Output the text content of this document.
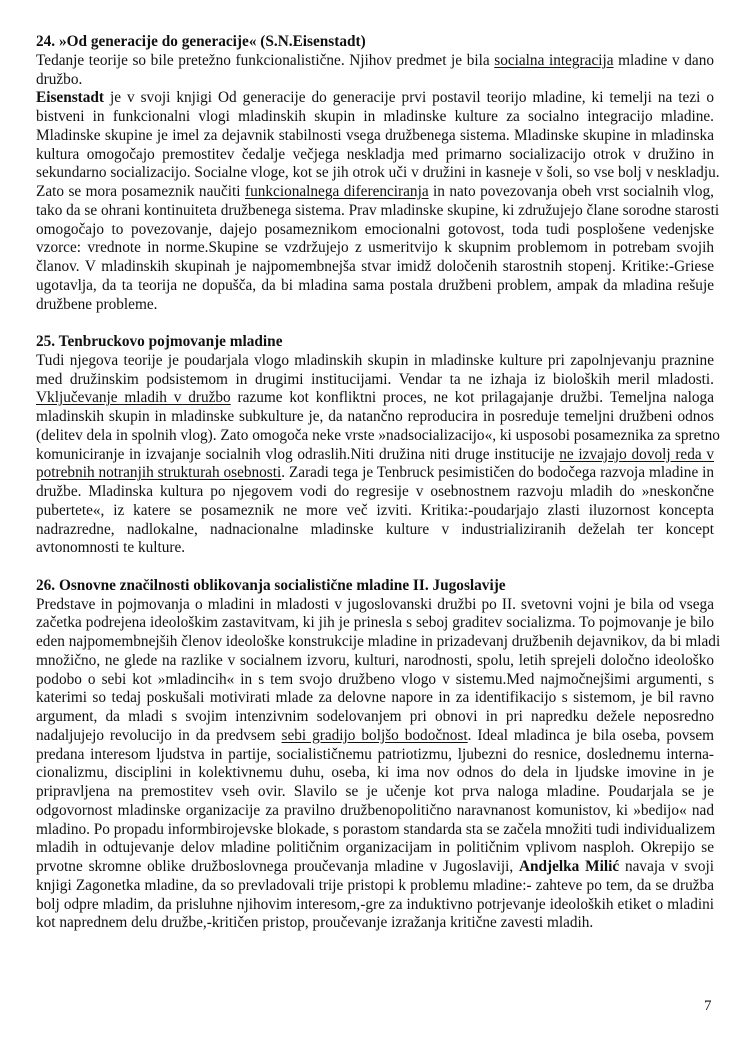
24. »Od generacije do generacije« (S.N.Eisenstadt)
Tedanje teorije so bile pretežno funkcionalistične. Njihov predmet je bila socialna integracija mladine v dano
družbo.
Eisenstadt je v svoji knjigi Od generacije do generacije prvi postavil teorijo mladine, ki temelji na tezi o
bistveni in funkcionalni vlogi mladinskih skupin in mladinske kulture za socialno integracijo mladine.
Mladinske skupine je imel za dejavnik stabilnosti vsega družbenega sistema. Mladinske skupine in mladinska
kultura omogočajo premostitev čedalje večjega neskladja med primarno socializacijo otrok v družino in
sekundarno socializacijo. Socialne vloge, kot se jih otrok uči v družini in kasneje v šoli, so vse bolj v neskladju.
Zato se mora posameznik naučiti funkcionalnega diferenciranja in nato povezovanja obeh vrst socialnih vlog,
tako da se ohrani kontinuiteta družbenega sistema. Prav mladinske skupine, ki združujejo člane sorodne starosti
omogočajo to povezovanje, dajejo posameznikom emocionalni gotovost, toda tudi posplošene vedenjske
vzorce: vrednote in norme.Skupine se vzdržujejo z usmeritvijo k skupnim problemom in potrebam svojih
članov. V mladinskih skupinah je najpomembnejša stvar imidž določenih starostnih stopenj. Kritike:-Griese
ugotavlja, da ta teorija ne dopušča, da bi mladina sama postala družbeni problem, ampak da mladina rešuje
družbene probleme.
25. Tenbruckovo pojmovanje mladine
Tudi njegova teorije je poudarjala vlogo mladinskih skupin in mladinske kulture pri zapolnjevanju praznine
med družinskim podsistemom in drugimi institucijami. Vendar ta ne izhaja iz bioloških meril mladosti.
Vključevanje mladih v družbo razume kot konfliktni proces, ne kot prilagajanje družbi. Temeljna naloga
mladinskih skupin in mladinske subkulture je, da natančno reproducira in posreduje temeljni družbeni odnos
(delitev dela in spolnih vlog). Zato omogoča neke vrste »nadsocializacijo«, ki usposobi posameznika za spretno
komuniciranje in izvajanje socialnih vlog odraslih.Niti družina niti druge institucije ne izvajajo dovolj reda v
potrebnih notranjih strukturah osebnosti. Zaradi tega je Tenbruck pesimističen do bodočega razvoja mladine in
družbe. Mladinska kultura po njegovem vodi do regresije v osebnostnem razvoju mladih do »neskončne
pubertete«, iz katere se posameznik ne more več izviti. Kritika:-poudarjajo zlasti iluzornost koncepta
nadrazredne, nadlokalne, nadnacionalne mladinske kulture v industrializiranih deželah ter koncept
avtonomnosti te kulture.
26. Osnovne značilnosti oblikovanja socialistične mladine II. Jugoslavije
Predstave in pojmovanja o mladini in mladosti v jugoslovanski družbi po II. svetovni vojni je bila od vsega
začetka podrejena ideološkim zastavitvam, ki jih je prinesla s seboj graditev socializma. To pojmovanje je bilo
eden najpomembnejših členov ideološke konstrukcije mladine in prizadevanj družbenih dejavnikov, da bi mladi
množično, ne glede na razlike v socialnem izvoru, kulturi, narodnosti, spolu, letih sprejeli določno ideološko
podobo o sebi kot »mladincih« in s tem svojo družbeno vlogo v sistemu.Med najmočnejšimi argumenti, s
katerimi so tedaj poskušali motivirati mlade za delovne napore in za identifikacijo s sistemom, je bil ravno
argument, da mladi s svojim intenzivnim sodelovanjem pri obnovi in pri napredku dežele neposredno
nadaljujejo revolucijo in da predvsem sebi gradijo boljšo bodočnost. Ideal mladinca je bila oseba, povsem
predana interesom ljudstva in partije, socialističnemu patriotizmu, ljubezni do resnice, doslednemu interna-
cionalizmu, disciplini in kolektivnemu duhu, oseba, ki ima nov odnos do dela in ljudske imovine in je
pripravljena na premostitev vseh ovir. Slavilo se je učenje kot prva naloga mladine. Poudarjala se je
odgovornost mladinske organizacije za pravilno družbenopolitično naravnanost komunistov, ki »bedijo« nad
mladino. Po propadu informbirojevske blokade, s porastom standarda sta se začela množiti tudi individualizem
mladih in odtujevanje delov mladine političnim organizacijam in političnim vplivom nasploh. Okrepijo se
prvotne skromne oblike družboslovnega proučevanja mladine v Jugoslaviji, Andjelka Milić navaja v svoji
knjigi Zagonetka mladine, da so prevladovali trije pristopi k problemu mladine:- zahteve po tem, da se družba
bolj odpre mladim, da prisluhne njihovim interesom,-gre za induktivno potrjevanje ideoloških etiket o mladini
kot naprednem delu družbe,-kritičen pristop, proučevanje izražanja kritične zavesti mladih.
7
